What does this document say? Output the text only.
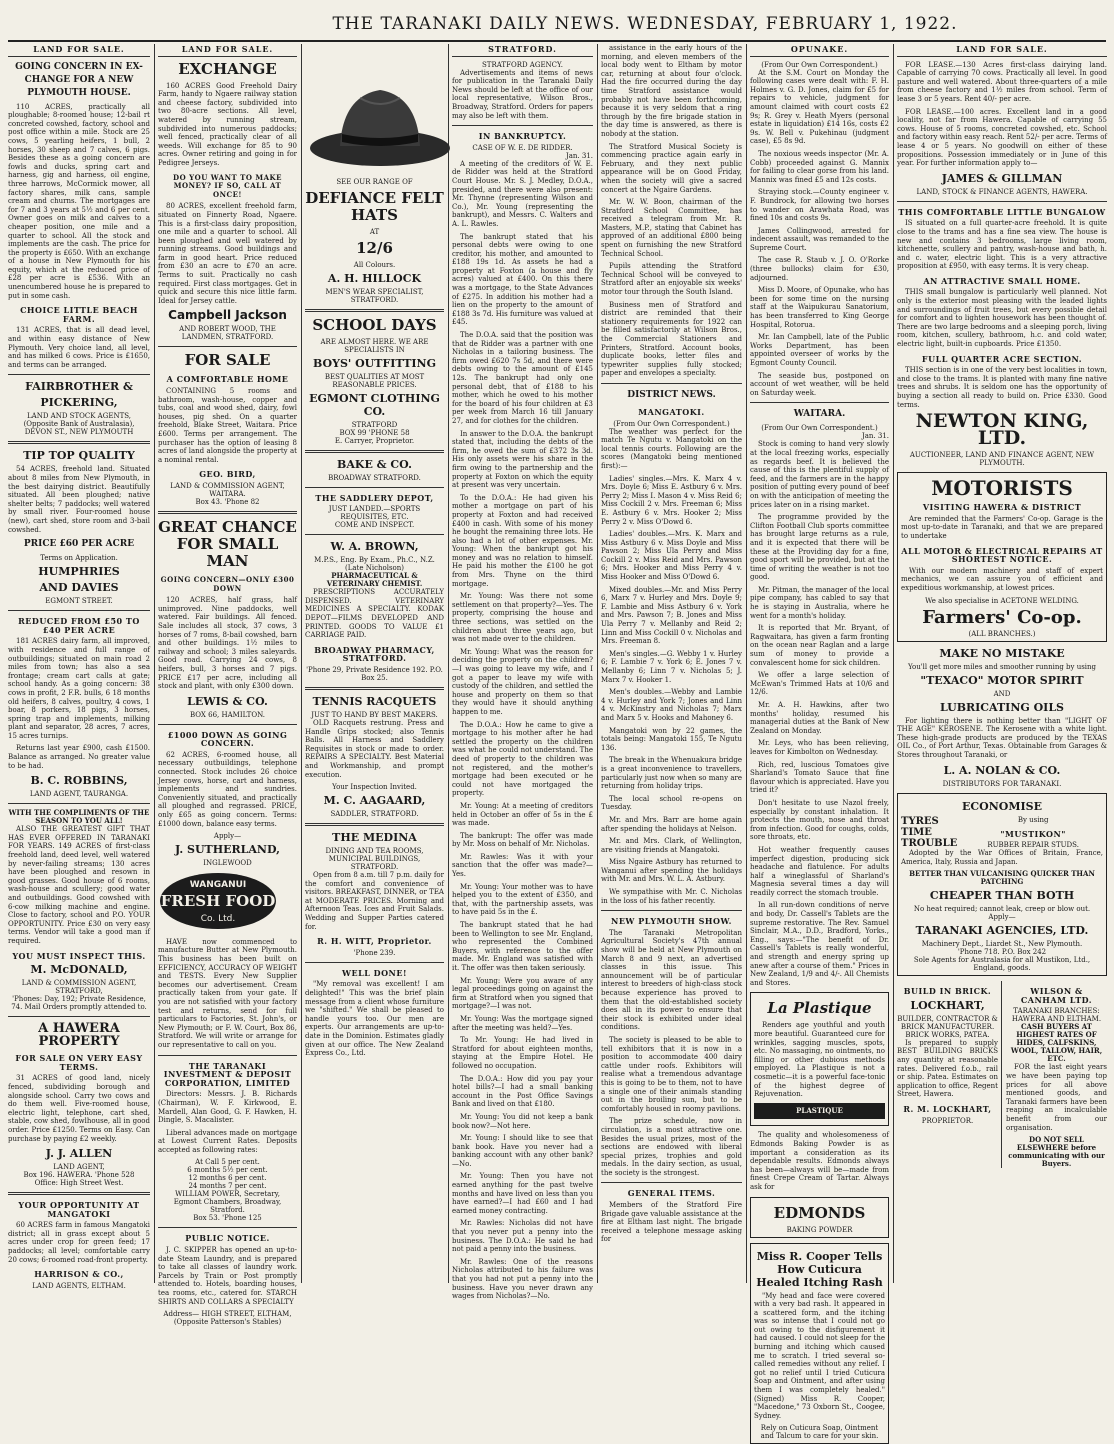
THE TARANAKI DAILY NEWS. WEDNESDAY, FEBRUARY 1, 1922.
LAND FOR SALE.
GOING CONCERN IN EX- CHANGE FOR A NEW PLYMOUTH HOUSE.

110 ACRES, practically all ploughable; 8-roomed house; 12-bail rt concreted cowshed, factory, school and post office within a mile. Stock are 25 cows, 5 yearling heifers, 1 bull, 2 horses, 30 sheep and 7 calves, 6 pigs. Besides these as a going concern are fowls and ducks, spring cart and harness, gig and harness, oil engine, three harrows, McCormick mower, all factory shares, milk cans, sample cream and churns. The mortgages are for 7 and 3 years at 5½ and 6 per cent. Owner goes on milk and calves to a cheaper position, one mile and a quarter to school. All the stock and implements are the cash. The price for the property is £650. With an exchange of a house in New Plymouth for his equity, which at the reduced price of £28 per acre is £536. With an unencumbered house he is prepared to put in some cash.

CHOICE LITTLE BEACH FARM.

131 ACRES, that is all dead level, and within easy distance of New Plymouth. Very choice land, all level, and has milked 6 cows. Price is £1650, and terms can be arranged.

FAIRBROTHER &
PICKERING,
LAND AND STOCK AGENTS,
(Opposite Bank of Australasia),
DEVON ST., NEW PLYMOUTH
TIP TOP QUALITY

54 ACRES, freehold land. Situated about 8 miles from New Plymouth, in the best dairying district. Beautifully situated. All been ploughed; native shelter belts; 7 paddocks; well watered by small river. Four-roomed house (new), cart shed, store room and 3-bail cowshed.

PRICE £60 PER ACRE
Terms on Application.
HUMPHRIES
AND DAVIES
EGMONT STREET.
REDUCED FROM £50 TO £40 PER ACRE

181 ACRES dairy farm, all improved, with residence and full range of outbuildings; situated on main road 2 miles from town; has also a sea frontage; cream cart calls at gate; school handy. As a going concern: 38 cows in profit, 2 F.R. bulls, 6 18 months old heifers, 8 calves, poultry, 4 cows, 1 boar, 8 porkers, 18 pigs, 3 horses, spring trap and implements, milking plant and separator, 28 acres, 7 acres, 15 acres turnips.

Returns last year £900, cash £1500. Balance as arranged. No greater value to be had.

B. C. ROBBINS,
LAND AGENT, TAURANGA.
WITH THE COMPLIMENTS OF THE SEASON TO YOU ALL!

ALSO THE GREATEST GIFT THAT HAS EVER OFFERED IN TARANAKI FOR YEARS. 149 ACRES of first-class freehold land, deed level, well watered by never-failing streams; 130 acres have been ploughed and resown in good grasses. Good house of 6 rooms, wash-house and scullery; good water and outbuildings. Good cowshed with 6-cow milking machine and engine. Close to factory, school and P.O. YOUR OPPORTUNITY. Price £30 on very easy terms. Vendor will take a good man if required.

YOU MUST INSPECT THIS.
M. McDONALD,
LAND & COMMISSION AGENT, STRATFORD,
'Phones: Day, 192; Private Residence, 74. Mail Orders promptly attended to.
A HAWERA PROPERTY
FOR SALE ON VERY EASY TERMS.

31 ACRES of good land, nicely fenced, subdividing borough and alongside school. Carry two cows and do them well. Five-roomed house, electric light, telephone, cart shed, stable, cow shed, fowlhouse, all in good order. Price £1250. Terms on Easy. Can purchase by paying £2 weekly.

J. J. ALLEN
LAND AGENT,
Box 196. HAWERA. 'Phone 528
Office: High Street West.
YOUR OPPORTUNITY AT MANGATOKI

60 ACRES farm in famous Mangatoki district; all in grass except about 5 acres under crop for green feed; 17 paddocks; all level; comfortable carry 20 cows; 6-roomed road-front property.

HARRISON & CO.,
LAND AGENTS, ELTHAM.
LAND FOR SALE.
EXCHANGE

160 ACRES Good Freehold Dairy Farm, handy to Ngaere railway station and cheese factory, subdivided into two 80-acre sections. All level, watered by running stream, subdivided into numerous paddocks; well fenced, practically clear of all weeds. Will exchange for 85 to 90 acres. Owner retiring and going in for Pedigree Jerseys.

DO YOU WANT TO MAKE MONEY? IF SO, CALL AT ONCE!

80 ACRES, excellent freehold farm, situated on Finnerty Road, Ngaere. This is a first-class dairy proposition, one mile and a quarter to school. All been ploughed and well watered by running streams. Good buildings and farm in good heart. Price reduced from £30 an acre to £70 an acre. Terms to suit. Practically no cash required. First class mortgages. Get in quick and secure this nice little farm. Ideal for Jersey cattle.

Campbell Jackson
AND ROBERT WOOD, THE LANDMEN, STRATFORD.
FOR SALE
A COMFORTABLE HOME

CONTAINING 5 rooms and bathroom, wash-house, copper and tubs, coal and wood shed, dairy, fowl houses, pig shed. On a quarter freehold, Blake Street, Waitara. Price £600. Terms per arrangement. The purchaser has the option of leasing 8 acres of land alongside the property at a nominal rental.

GEO. BIRD,
LAND & COMMISSION AGENT, WAITARA.
Box 43. 'Phone 82
GREAT CHANCE FOR SMALL MAN
GOING CONCERN—ONLY £300 DOWN

120 ACRES, half grass, half unimproved. Nine paddocks, well watered. Fair buildings. All fenced. Sale includes all stock, 37 cows, 3 horses of 7 roms, 8-bail cowshed, barn and other buildings. 1½ miles to railway and school; 3 miles saleyards. Good road. Carrying 24 cows, 8 heifers, bull, 3 horses and 7 pigs. PRICE £17 per acre, including all stock and plant, with only £300 down.

LEWIS & CO.
BOX 66, HAMILTON.
£1000 DOWN AS GOING CONCERN.

62 ACRES, 6-roomed house, all necessary outbuildings, telephone connected. Stock includes 26 choice Jersey cows, horse, cart and harness, implements and sundries. Conveniently situated, and practically all ploughed and regrassed. PRICE, only £65 as going concern. Terms: £1000 down, balance easy terms.

Apply—
J. SUTHERLAND,
INGLEWOOD
WANGANUI
FRESH FOOD
Co. Ltd.

HAVE now commenced to manufacture Butter at New Plymouth. This business has been built on EFFICIENCY, ACCURACY OF WEIGHT and TESTS. Every New Supplier becomes our advertisement. Cream practically taken from your gate. If you are not satisfied with your factory test and returns, send for full particulars to Factories, St. John's, or New Plymouth; or F. W. Court, Box 86, Stratford. We will write or arrange for our representative to call on you.

THE TARANAKI INVESTMENT & DEPOSIT CORPORATION, LIMITED

Directors: Messrs. J. B. Richards (Chairman), W. F. Kirkwood, E. Mardell, Alan Good, G. F. Hawken, H. Dingle, S. Macalister.

Liberal advances made on mortgage at Lowest Current Rates. Deposits accepted as following rates:

At Call 5 per cent.
6 months 5½ per cent.
12 months 6 per cent.
24 months 7 per cent.
WILLIAM POWER, Secretary,
Egmont Chambers, Broadway, Stratford.
Box 53. 'Phone 125
PUBLIC NOTICE.

J. C. SKIPPER has opened an up-to-date Steam Laundry, and is prepared to take all classes of laundry work. Parcels by Train or Post promptly attended to. Hotels, boarding houses, tea rooms, etc., catered for. STARCH SHIRTS AND COLLARS A SPECIALTY

Address— HIGH STREET, ELTHAM, (Opposite Patterson's Stables)
SEE OUR RANGE OF
DEFIANCE FELT HATS
AT
12/6
All Colours.
A. H. HILLOCK
MEN'S WEAR SPECIALIST, STRATFORD.
SCHOOL DAYS
ARE ALMOST HERE. WE ARE SPECIALISTS IN
BOYS' OUTFITTING
BEST QUALITIES AT MOST REASONABLE PRICES.
EGMONT CLOTHING CO.
STRATFORD
BOX 99 'PHONE 58
E. Carryer, Proprietor.
BAKE & CO.
BROADWAY STRATFORD.
THE SADDLERY DEPOT,
JUST LANDED.—SPORTS REQUISITES, ETC.
COME AND INSPECT.
W. A. BROWN,
M.P.S., Eng. By Exam., Ph.C., N.Z. (Late Nicholson)
PHARMACEUTICAL & VETERINARY CHEMIST.

PRESCRIPTIONS ACCURATELY DISPENSED. VETERINARY MEDICINES A SPECIALTY. KODAK DEPOT—FILMS DEVELOPED AND PRINTED. GOODS TO VALUE £1 CARRIAGE PAID.

BROADWAY PHARMACY, STRATFORD.
'Phone 29, Private Residence 192. P.O. Box 25.
TENNIS RACQUETS
JUST TO HAND BY BEST MAKERS.

OLD Racquets restrung. Press and Handle Grips stocked; also Tennis Balls. All Harness and Saddlery Requisites in stock or made to order. REPAIRS A SPECIALTY. Best Material and Workmanship, and prompt execution.

Your Inspection Invited.
M. C. AAGAARD,
SADDLER, STRATFORD.
THE MEDINA
DINING AND TEA ROOMS, MUNICIPAL BUILDINGS, STRATFORD.

Open from 8 a.m. till 7 p.m. daily for the comfort and convenience of visitors. BREAKFAST, DINNER, or TEA at MODERATE PRICES. Morning and Afternoon Teas. Ices and Fruit Salads. Wedding and Supper Parties catered for.

R. H. WITT, Proprietor.
'Phone 239.
WELL DONE!

"My removal was excellent! I am delighted!" This was the brief plain message from a client whose furniture we "shifted." We shall be pleased to handle yours too. Our men are experts. Our arrangements are up-to-date in the Dominion. Estimates gladly given at our office. The New Zealand Express Co., Ltd.

STRATFORD.
STRATFORD AGENCY.

Advertisements and items of news for publication in the Taranaki Daily News should be left at the office of our local representative, Wilson Bros., Broadway, Stratford. Orders for papers may also be left with them.

IN BANKRUPTCY.
CASE OF W. E. DE RIDDER.
Jan. 31.

A meeting of the creditors of W. E. de Ridder was held at the Stratford Court House. Mr. S. J. Medley, D.O.A., presided, and there were also present: Mr. Thynne (representing Wilson and Co.), Mr. Young (representing the bankrupt), and Messrs. C. Walters and A. L. Rawles.

The bankrupt stated that his personal debts were owing to one creditor, his mother, and amounted to £188 19s 1d. As assets he had a property at Foxton (a house and fly acres) valued at £400. On this there was a mortgage, to the State Advances of £275. In addition his mother had a lien on the property to the amount of £188 3s 7d. His furniture was valued at £45.

The D.O.A. said that the position was that de Ridder was a partner with one Nicholas in a tailoring business. The firm owed £620 7s 5d, and there were debts owing to the amount of £145 12s. The bankrupt had only one personal debt, that of £188 to his mother, which he owed to his mother for the board of his four children at £3 per week from March 16 till January 27, and for clothes for the children.

In answer to the D.O.A. the bankrupt stated that, including the debts of the firm, he owed the sum of £372 3s 3d. His only assets were his share in the firm owing to the partnership and the property at Foxton on which the equity at present was very uncertain.

To the D.O.A.: He had given his mother a mortgage on part of his property at Foxton and had received £400 in cash. With some of his money he bought the remaining three lots. He also had a lot of other expenses. Mr. Young: When the bankrupt got his money and was no relation to himself. He paid his mother the £100 he got from Mrs. Thyne on the third mortgage.

Mr. Young: Was there not some settlement on that property?—Yes. The property, comprising the house and three sections, was settled on the children about three years ago, but was not made over to the children.

Mr. Young: What was the reason for deciding the property on the children?—I was going to leave my wife, and I got a paper to leave my wife with custody of the children, and settled the house and property on them so that they would have it should anything happen to me.

The D.O.A.: How he came to give a mortgage to his mother after he had settled the property on the children was what he could not understand. The deed of property to the children was not registered, and the mother's mortgage had been executed or he could not have mortgaged the property.

Mr. Young: At a meeting of creditors held in October an offer of 5s in the £ was made.

The bankrupt: The offer was made by Mr. Moss on behalf of Mr. Nicholas.

Mr. Rawles: Was it with your sanction that the offer was made?—Yes.

Mr. Young: Your mother was to have helped you to the extent of £350, and that, with the partnership assets, was to have paid 5s in the £.

The bankrupt stated that he had been to Wellington to see Mr. England, who represented the Combined Buyers, with reference to the offer made. Mr. England was satisfied with it. The offer was then taken seriously.

Mr. Young: Were you aware of any legal proceedings going on against the firm at Stratford when you signed that mortgage?—I was not.

Mr. Young: Was the mortgage signed after the meeting was held?—Yes.

To Mr. Young: He had lived in Stratford for about eighteen months, staying at the Empire Hotel. He followed no occupation.

The D.O.A.: How did you pay your hotel bills?—I had a small banking account in the Post Office Savings Bank and lived on that £180.

Mr. Young: You did not keep a bank book now?—Not here.

Mr. Young: I should like to see that bank book. Have you never had a banking account with any other bank?—No.

Mr. Young: Then you have not earned anything for the past twelve months and have lived on less than you have earned?—I had £60 and I had earned money contracting.

Mr. Rawles: Nicholas did not have that you never put a penny into the business. The D.O.A.: He said he had not paid a penny into the business.

Mr. Rawles: One of the reasons Nicholas attributed to his failure was that you had not put a penny into the business. Have you never drawn any wages from Nicholas?—No.

assistance in the early hours of the morning, and eleven members of the local body went to Eltham by motor car, returning at about four o'clock. Had the fire occurred during the day time Stratford assistance would probably not have been forthcoming, because it is very seldom that a ring through by the fire brigade station in the day time is answered, as there is nobody at the station.

The Stratford Musical Society is commencing practice again early in February, and they next public appearance will be on Good Friday, when the society will give a sacred concert at the Ngaire Gardens.

Mr. W. W. Boon, chairman of the Stratford School Committee, has received a telegram from Mr. R. Masters, M.P., stating that Cabinet has approved of an additional £800 being spent on furnishing the new Stratford Technical School.

Pupils attending the Stratford Technical School will be conveyed to Stratford after an enjoyable six weeks' motor tour through the South Island.

Business men of Stratford and district are reminded that their stationery requirements for 1922 can be filled satisfactorily at Wilson Bros., the Commercial Stationers and Printers, Stratford. Account books, duplicate books, letter files and typewriter supplies fully stocked; paper and envelopes a specialty.

DISTRICT NEWS.
MANGATOKI.
(From Our Own Correspondent.)

The weather was perfect for the match Te Ngutu v. Mangatoki on the local tennis courts. Following are the scores (Mangatoki being mentioned first):—

Ladies' singles.—Mrs. K. Marx 4 v. Mrs. Doyle 6; Miss E. Astbury 6 v. Mrs. Perry 2; Miss I. Mason 4 v. Miss Reid 6; Miss Cockill 2 v. Mrs. Freeman 6; Miss E. Astbury 6 v. Mrs. Hooker 2; Miss Perry 2 v. Miss O'Dowd 6.

Ladies' doubles.—Mrs. K. Marx and Miss Astbury 6 v. Miss Doyle and Miss Pawson 2; Miss Ula Perry and Miss Cockill 2 v. Miss Reid and Mrs. Pawson 6; Mrs. Hooker and Miss Perry 4 v. Miss Hooker and Miss O'Dowd 6.

Mixed doubles.—Mr. and Miss Perry 6, Marx 7 v. Hurley and Mrs. Doyle 9; F. Lambie and Miss Astbury 6 v. York and Mrs. Pawson 7; B. Jones and Miss Ula Perry 7 v. Mellanby and Reid 2; Linn and Miss Cockill 0 v. Nicholas and Mrs. Freeman 8.

Men's singles.—G. Webby 1 v. Hurley 6; F. Lambie 7 v. York 6; E. Jones 7 v. Mellanby 6; Linn 7 v. Nicholas 5; J. Marx 7 v. Hooker 1.

Men's doubles.—Webby and Lambie 4 v. Hurley and York 7; Jones and Linn 4 v. McKinstry and Nicholas 7; Marx and Marx 5 v. Hooks and Mahoney 6.

Mangatoki won by 22 games, the totals being: Mangatoki 155, Te Ngutu 136.

The break in the Whenuakura bridge is a great inconvenience to travellers, particularly just now when so many are returning from holiday trips.

The local school re-opens on Tuesday.

Mr. and Mrs. Barr are home again after spending the holidays at Nelson.

Mr. and Mrs. Clark, of Wellington, are visiting friends at Mangatoki.

Miss Ngaire Astbury has returned to Wanganui after spending the holidays with Mr. and Mrs. W. L. A. Astbury.

We sympathise with Mr. C. Nicholas in the loss of his father recently.

NEW PLYMOUTH SHOW.

The Taranaki Metropolitan Agricultural Society's 47th annual show will be held at New Plymouth on March 8 and 9 next, an advertised classes in this issue. This announcement will be of particular interest to breeders of high-class stock because experience has proved to them that the old-established society does all in its power to ensure that their stock is exhibited under ideal conditions.

The society is pleased to be able to tell exhibitors that it is now in a position to accommodate 400 dairy cattle under roofs. Exhibitors will realise what a tremendous advantage this is going to be to them, not to have a single one of their animals standing out in the broiling sun, but to be comfortably housed in roomy pavilions.

The prize schedule, now in circulation, is a most attractive one. Besides the usual prizes, most of the sections are endowed with liberal special prizes, trophies and gold medals. In the dairy section, as usual, the society is the strongest.

GENERAL ITEMS.

Members of the Stratford Fire Brigade gave valuable assistance at the fire at Eltham last night. The brigade received a telephone message asking for

OPUNAKE.
(From Our Own Correspondent.)

At the S.M. Court on Monday the following cases were dealt with: F. H. Holmes v. G. D. Jones, claim for £5 for repairs to vehicle, judgment for amount claimed with court costs £2 9s; R. Grey v. Heath Myers (personal estate in liquidation) £14 16s, costs £2 9s. W. Bell v. Pukehinau (judgment case), £5 8s 9d.

The noxious weeds inspector (Mr. A. Cobb) proceeded against G. Mannix for failing to clear gorse from his land. Mannix was fined £5 and 12s costs.

Straying stock.—County engineer v. F. Bundrock, for allowing two horses to wander on Arawhata Road, was fined 10s and costs 9s.

James Collingwood, arrested for indecent assault, was remanded to the Supreme Court.

The case R. Staub v. J. O. O'Rorke (three bullocks) claim for £30, adjourned.

Miss D. Moore, of Opunake, who has been for some time on the nursing staff at the Waipukurau Sanatorium, has been transferred to King George Hospital, Rotorua.

Mr. Ian Campbell, late of the Public Works Department, has been appointed overseer of works by the Egmont County Council.

The seaside bus, postponed on account of wet weather, will be held on Saturday week.

WAITARA.
(From Our Own Correspondent.)
Jan. 31.

Stock is coming to hand very slowly at the local freezing works, especially as regards beef. It is believed the cause of this is the plentiful supply of feed, and the farmers are in the happy position of putting every pound of beef on with the anticipation of meeting the prices later on in a rising market.

The programme provided by the Clifton Football Club sports committee has brought large returns as a rule, and it is expected that there will be these at the Providing day for a fine, good sport will be provided, but at the time of writing the weather is not too good.

Mr. Pitman, the manager of the local pipe company, has cabled to say that he is staying in Australia, where he went for a month's holiday.

It is reported that Mr. Bryant, of Ragwaitara, has given a farm fronting on the ocean near Raglan and a large sum of money to provide a convalescent home for sick children.

We offer a large selection of McEwan's Trimmed Hats at 10/6 and 12/6.

Mr. A. H. Hawkins, after two months' holiday, resumed his managerial duties at the Bank of New Zealand on Monday.

Mr. Leys, who has been relieving, leaves for Kimbolton on Wednesday.

Rich, red, luscious Tomatoes give Sharland's Tomato Sauce that fine flavour which is appreciated. Have you tried it?

Don't hesitate to use Nazol freely, especially by constant inhalation. It protects the mouth, nose and throat from infection. Good for coughs, colds, sore throats, etc.

Hot weather frequently causes imperfect digestion, producing sick headache and flatulence. For adults half a wineglassful of Sharland's Magnesia several times a day will readily correct the stomach trouble.

In all run-down conditions of nerve and body, Dr. Cassell's Tablets are the supreme restorative. The Rev. Samuel Sinclair, M.A., D.D., Bradford, Yorks., Eng., says:—"The benefit of Dr. Cassell's Tablets is really wonderful, and strength and energy spring up anew after a course of them." Prices in New Zealand, 1/9 and 4/-. All Chemists and Stores.

La Plastique

Renders age youthful and youth more beautiful. Guaranteed cure for wrinkles, sagging muscles, spots, etc. No massaging, no ointments, no filling or other dubious methods employed. La Plastique is not a cosmetic—it is a powerful face-tonic of the highest degree of Rejuvenation.

PLASTIQUE

The quality and wholesomeness of Edmonds Baking Powder is as important a consideration as its dependable results. Edmonds always has been—always will be—made from finest Crepe Cream of Tartar. Always ask for

EDMONDS
BAKING POWDER
Miss R. Cooper Tells How Cuticura Healed Itching Rash

"My head and face were covered with a very bad rash. It appeared in a scattered form, and the itching was so intense that I could not go out owing to the disfigurement it had caused. I could not sleep for the burning and itching which caused me to scratch. I tried several so-called remedies without any relief. I got no relief until I tried Cuticura Soap and Ointment, and after using them I was completely healed." (Signed) Miss R. Cooper, "Macedone," 73 Oxborn St., Coogee, Sydney.

Rely on Cuticura Soap, Ointment and Talcum to care for your skin.
LAND FOR SALE.

FOR LEASE.—130 Acres first-class dairying land. Capable of carrying 70 cows. Practically all level. In good pasture and well watered. About three-quarters of a mile from cheese factory and 1½ miles from school. Term of lease 3 or 5 years. Rent 40/- per acre.

FOR LEASE.—100 acres. Excellent land in a good locality, not far from Hawera. Capable of carrying 55 cows. House of 5 rooms, concreted cowshed, etc. School and factory within easy reach. Rent 52/- per acre. Terms of lease 4 or 5 years. No goodwill on either of these propositions. Possession immediately or in June of this year. For further information apply to—

JAMES & GILLMAN
LAND, STOCK & FINANCE AGENTS, HAWERA.
THIS COMFORTABLE LITTLE BUNGALOW

IS situated on a full quarter-acre freehold. It is quite close to the trams and has a fine sea view. The house is new and contains 3 bedrooms, large living room, kitchenette, scullery and pantry, wash-house and bath, h. and c. water, electric light. This is a very attractive proposition at £950, with easy terms. It is very cheap.

AN ATTRACTIVE SMALL HOME.

THIS small bungalow is particularly well planned. Not only is the exterior most pleasing with the leaded lights and surroundings of fruit trees, but every possible detail for comfort and to lighten housework has been thought of. There are two large bedrooms and a sleeping porch, living room, kitchen, scullery, bathroom, h.c. and cold water, electric light, built-in cupboards. Price £1350.

FULL QUARTER ACRE SECTION.

THIS section is in one of the very best localities in town, and close to the trams. It is planted with many fine native trees and shrubs. It is seldom one has the opportunity of buying a section all ready to build on. Price £330. Good terms.

NEWTON KING, LTD.
AUCTIONEER, LAND AND FINANCE AGENT, NEW PLYMOUTH.
MOTORISTS
VISITING HAWERA & DISTRICT

Are reminded that the Farmers' Co-op. Garage is the most up-to-date in Taranaki, and that we are prepared to undertake

ALL MOTOR & ELECTRICAL REPAIRS AT SHORTEST NOTICE.

With our modern machinery and staff of expert mechanics, we can assure you of efficient and expeditious workmanship, at lowest prices.

We also specialise in ACETONE WELDING.
Farmers' Co-op.
(ALL BRANCHES.)
MAKE NO MISTAKE
You'll get more miles and smoother running by using
"TEXACO" MOTOR SPIRIT
AND
LUBRICATING OILS

For lighting there is nothing better than "LIGHT OF THE AGE" KEROSENE. The Kerosene with a white light. These high-grade products are produced by the TEXAS OIL Co., of Port Arthur, Texas. Obtainable from Garages & Stores throughout Taranaki, or

L. A. NOLAN & CO.
DISTRIBUTORS FOR TARANAKI.
ECONOMISE
TYRES
TIME
TROUBLE
By using
"MUSTIKON"
RUBBER REPAIR STUDS.

Adopted by the War Offices of Britain, France, America, Italy, Russia and Japan.

BETTER THAN VULCANISING QUICKER THAN PATCHING
CHEAPER THAN BOTH
No heat required; cannot leak, creep or blow out.
Apply—
TARANAKI AGENCIES, LTD.
Machinery Dept., Liardet St., New Plymouth.
'Phone 718. P.O. Box 242
Sole Agents for Australasia for all Mustikon, Ltd., England, goods.
BUILD IN BRICK.
LOCKHART,
BUILDER, CONTRACTOR & BRICK MANUFACTURER.
BRICK WORKS, PATEA.

Is prepared to supply BEST BUILDING BRICKS any quantity at reasonable rates. Delivered f.o.b., rail or ship. Patea. Estimates on application to office, Regent Street, Hawera.

R. M. LOCKHART,
PROPRIETOR.
WILSON & CANHAM LTD.
TARANAKI BRANCHES: HAWERA AND ELTHAM.
CASH BUYERS AT HIGHEST RATES OF HIDES, CALFSKINS, WOOL, TALLOW, HAIR, ETC.

FOR the last eight years we have been paying top prices for all above mentioned goods, and Taranaki farmers have been reaping an incalculable benefit from our organisation.

DO NOT SELL ELSEWHERE before communicating with our Buyers.
